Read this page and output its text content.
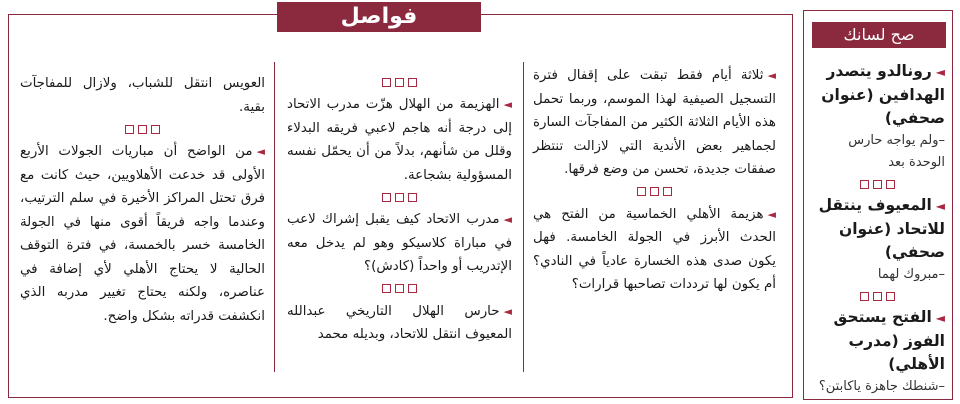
فواصل
صح لسانك

◄ثلاثة أيام فقط تبقت على إقفال فترة التسجيل الصيفية لهذا الموسم، وربما تحمل هذه الأيام الثلاثة الكثير من المفاجآت السارة لجماهير بعض الأندية التي لازالت تنتظر صفقات جديدة، تحسن من وضع فرقها.

◄هزيمة الأهلي الخماسية من الفتح هي الحدث الأبرز في الجولة الخامسة. فهل يكون صدى هذه الخسارة عادياً في النادي؟ أم يكون لها ترددات تصاحبها قرارات؟

◄الهزيمة من الهلال هزّت مدرب الاتحاد إلى درجة أنه هاجم لاعبي فريقه البدلاء وقلل من شأنهم، بدلاً من أن يحمّل نفسه المسؤولية بشجاعة.

◄مدرب الاتحاد كيف يقبل إشراك لاعب في مباراة كلاسيكو وهو لم يدخل معه الإتدريب أو واحداً (كادش)؟

◄حارس الهلال التاريخي عبدالله المعيوف انتقل للاتحاد، وبديله محمد

العويس انتقل للشباب، ولازال للمفاجآت بقية.

◄من الواضح أن مباريات الجولات الأربع الأولى قد خدعت الأهلاويين، حيث كانت مع فرق تحتل المراكز الأخيرة في سلم الترتيب، وعندما واجه فريقاً أقوى منها في الجولة الخامسة خسر بالخمسة، في فترة التوقف الحالية لا يحتاج الأهلي لأي إضافة في عناصره، ولكنه يحتاج تغيير مدربه الذي انكشفت قدراته بشكل واضح.

◄رونالدو يتصدر الهدافين (عنوان صحفي)

–ولم يواجه حارس الوحدة بعد

◄المعيوف ينتقل للاتحاد (عنوان صحفي)

–مبروك لهما

◄الفتح يستحق الفوز (مدرب الأهلي)

–شنطك جاهزة ياكابتن؟
